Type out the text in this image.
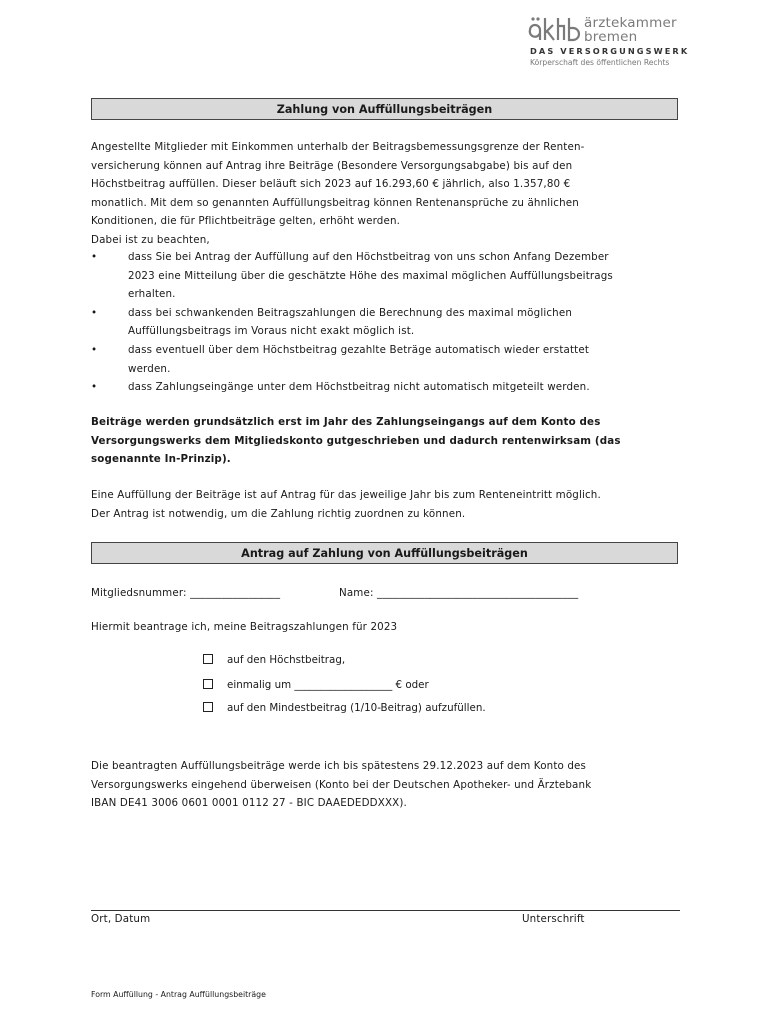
ärztekammer
bremen
DAS VERSORGUNGSWERK
Körperschaft des öffentlichen Rechts
Zahlung von Auffüllungsbeiträgen
Angestellte Mitglieder mit Einkommen unterhalb der Beitragsbemessungsgrenze der Renten-
versicherung können auf Antrag ihre Beiträge (Besondere Versorgungsabgabe) bis auf den
Höchstbeitrag auffüllen. Dieser beläuft sich 2023 auf 16.293,60 € jährlich, also 1.357,80 €
monatlich. Mit dem so genannten Auffüllungsbeitrag können Rentenansprüche zu ähnlichen
Konditionen, die für Pflichtbeiträge gelten, erhöht werden.
Dabei ist zu beachten,
• dass Sie bei Antrag der Auffüllung auf den Höchstbeitrag von uns schon Anfang Dezember
2023 eine Mitteilung über die geschätzte Höhe des maximal möglichen Auffüllungsbeitrags
erhalten.
• dass bei schwankenden Beitragszahlungen die Berechnung des maximal möglichen
Auffüllungsbeitrags im Voraus nicht exakt möglich ist.
• dass eventuell über dem Höchstbeitrag gezahlte Beträge automatisch wieder erstattet
werden.
• dass Zahlungseingänge unter dem Höchstbeitrag nicht automatisch mitgeteilt werden.
Beiträge werden grundsätzlich erst im Jahr des Zahlungseingangs auf dem Konto des
Versorgungswerks dem Mitgliedskonto gutgeschrieben und dadurch rentenwirksam (das
sogenannte In-Prinzip).
Eine Auffüllung der Beiträge ist auf Antrag für das jeweilige Jahr bis zum Renteneintritt möglich.
Der Antrag ist notwendig, um die Zahlung richtig zuordnen zu können.
Antrag auf Zahlung von Auffüllungsbeiträgen
Mitgliedsnummer: _________________	Name: ______________________________________
Hiermit beantrage ich, meine Beitragszahlungen für 2023
auf den Höchstbeitrag,
einmalig um ___________________ € oder
auf den Mindestbeitrag (1/10-Beitrag) aufzufüllen.
Die beantragten Auffüllungsbeiträge werde ich bis spätestens 29.12.2023 auf dem Konto des
Versorgungswerks eingehend überweisen (Konto bei der Deutschen Apotheker- und Ärztebank
IBAN DE41 3006 0601 0001 0112 27 - BIC DAAEDEDDXXX).
Ort, Datum	Unterschrift
Form Auffüllung - Antrag Auffüllungsbeiträge
